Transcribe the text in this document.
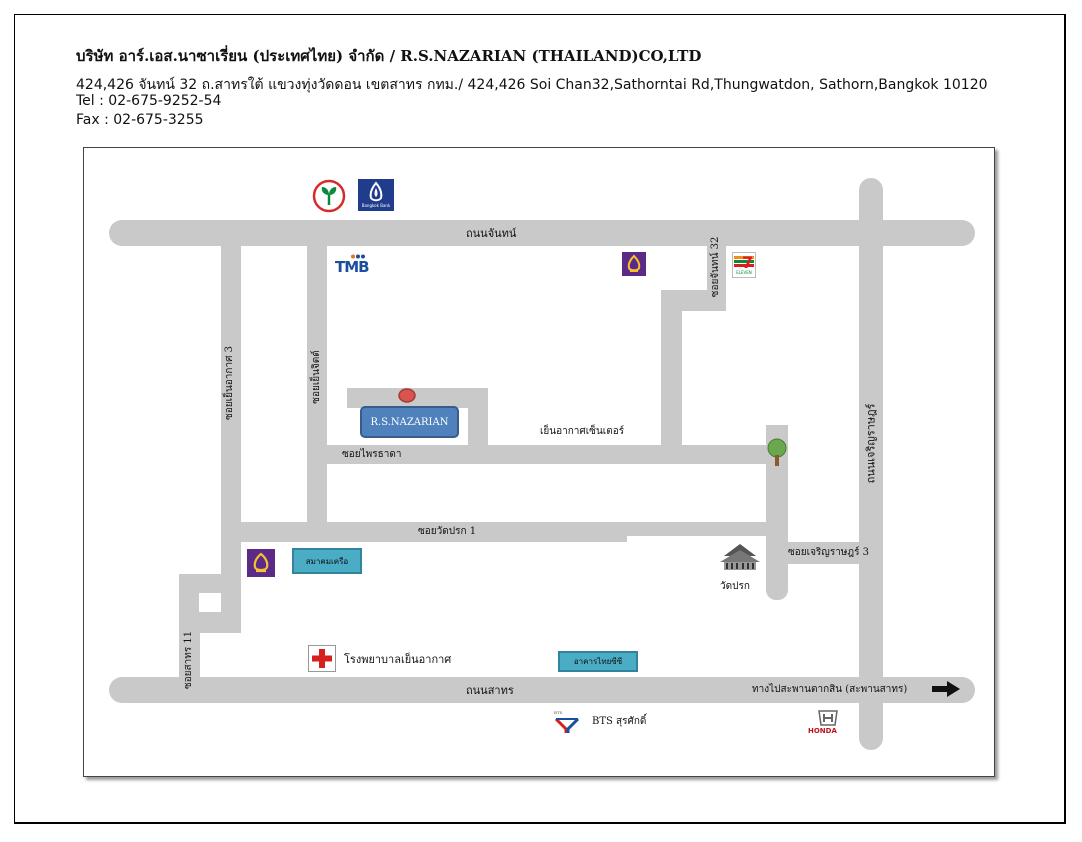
บริษัท อาร์.เอส.นาซาเรี่ยน (ประเทศไทย) จำกัด / R.S.NAZARIAN (THAILAND)CO,LTD
424,426 จันทน์ 32 ถ.สาทรใต้ แขวงทุ่งวัดดอน เขตสาทร กทม./ 424,426 Soi Chan32,Sathorntai Rd,Thungwatdon, Sathorn,Bangkok 10120
Tel : 02-675-9252-54
Fax : 02-675-3255
ถนนจันทน์
ถนนสาทร	ทางไปสะพานตากสิน (สะพานสาทร)
เย็นอากาศเซ็นเตอร์
ซอยไพรธาดา
ซอยวัดปรก 1
ซอยเจริญราษฎร์ 3
ซอยเย็นอากาศ 3	ซอยเย็นจิตต์
ซอยจันทน์ 32
ถนนเจริญราษฎร์
ซอยสาทร 11
R.S.NAZARIAN
สมาคมเครือ
อาคารไทยซีซี
Bangkok Bank
TMB	7
ELEVEN
วัดปรก
โรงพยาบาลเย็นอากาศ
BTS
BTS สุรศักดิ์
HONDA
